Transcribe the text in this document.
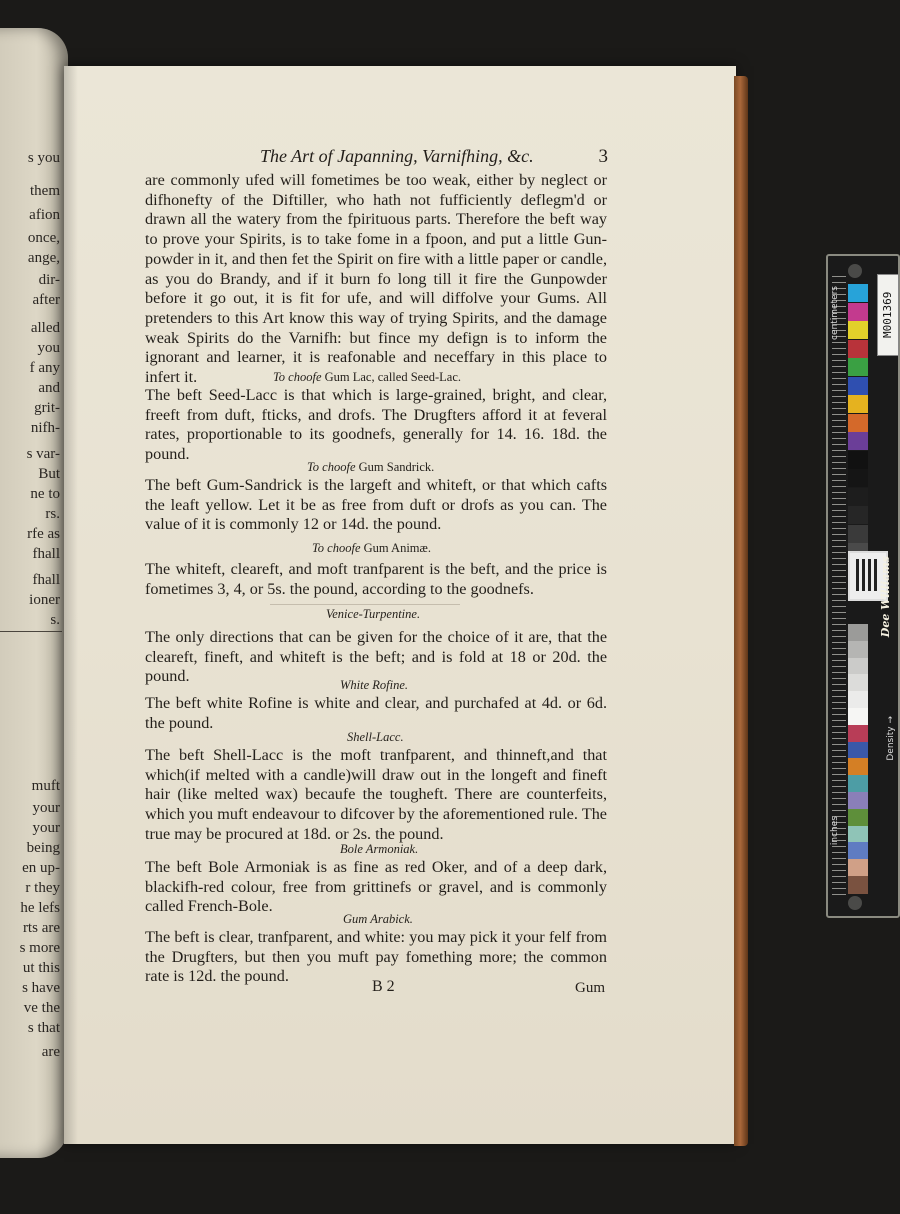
s you
them
afion
once,
ange,
dir-
after
alled
you
f any
and
grit-
nifh-
s var-
But
ne to
rs.
rfe as
fhall
fhall
ioner
s.
muft
your
your
being
en up-
r they
he lefs
rts are
s more
ut this
s have
ve the
s that
are
The Art of Japanning, Varnifhing, &c.	3

are commonly ufed will fometimes be too weak, either by neglect or difhonefty of the Diftiller, who hath not fufficiently deflegm'd or drawn all the watery from the fpirituous parts. Therefore the beft way to prove your Spirits, is to take fome in a fpoon, and put a little Gun-powder in it, and then fet the Spirit on fire with a little paper or candle, as you do Brandy, and if it burn fo long till it fire the Gunpowder before it go out, it is fit for ufe, and will diffolve your Gums. All pretenders to this Art know this way of trying Spirits, and the damage weak Spirits do the Varnifh: but fince my defign is to inform the ignorant and learner, it is reafonable and neceffary in this place to infert it.	To choofe Gum Lac, called Seed-Lac.

The beft Seed-Lacc is that which is large-grained, bright, and clear, freeft from duft, fticks, and drofs. The Drugfters afford it at feveral rates, proportionable to its goodnefs, generally for 14. 16. 18d. the pound.

To choofe Gum Sandrick.

The beft Gum-Sandrick is the largeft and whiteft, or that which cafts the leaft yellow. Let it be as free from duft or drofs as you can. The value of it is commonly 12 or 14d. the pound.

To choofe Gum Animæ.

The whiteft, cleareft, and moft tranfparent is the beft, and the price is fometimes 3, 4, or 5s. the pound, according to the goodnefs.

Venice-Turpentine.

The only directions that can be given for the choice of it are, that the cleareft, fineft, and whiteft is the beft; and is fold at 18 or 20d. the pound.	White Rofine.

The beft white Rofine is white and clear, and purchafed at 4d. or 6d. the pound.

Shell-Lacc.

The beft Shell-Lacc is the moft tranfparent, and thinneft,and that which(if melted with a candle)will draw out in the longeft and fineft hair (like melted wax) becaufe the tougheft. There are counterfeits, which you muft endeavour to difcover by the aforementioned rule. The true may be procured at 18d. or 2s. the pound.

Bole Armoniak.

The beft Bole Armoniak is as fine as red Oker, and of a deep dark, blackifh-red colour, free from grittinefs or gravel, and is commonly called French-Bole.

Gum Arabick.

The beft is clear, tranfparent, and white: you may pick it your felf from the Drugfters, but then you muft pay fomething more; the common rate is 12d. the pound.

B 2	Gum
centimeters
inches
Density →
M001369
Dee Williams
